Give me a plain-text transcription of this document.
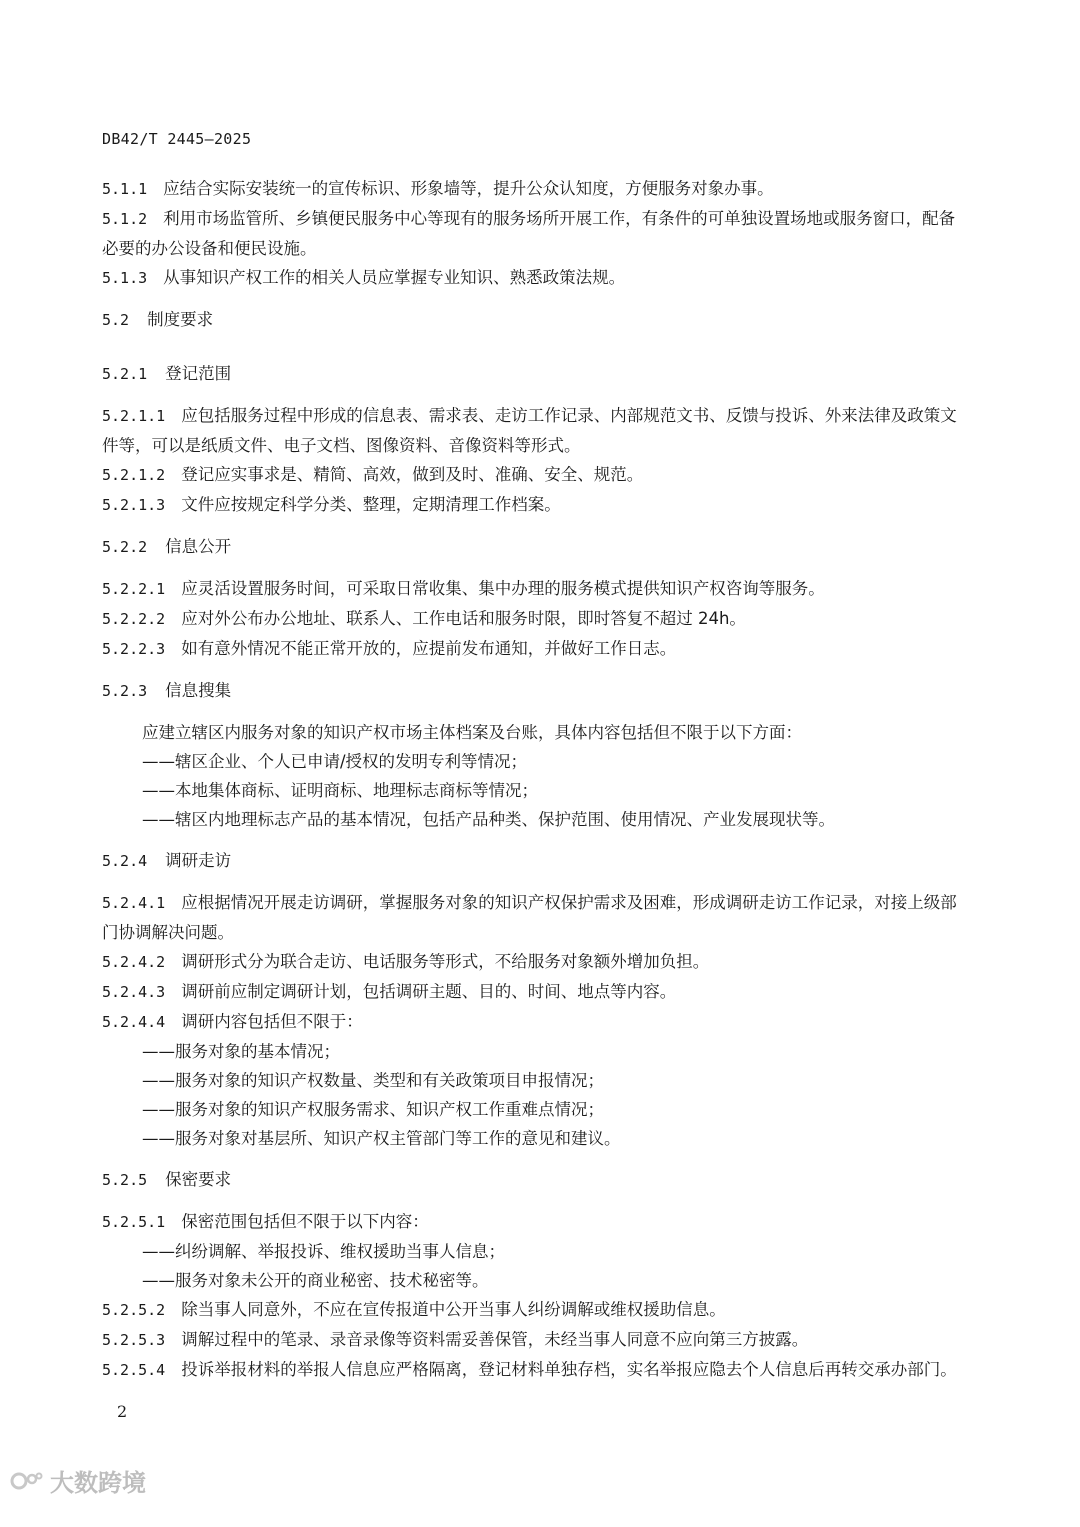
DB42/T 2445—2025

5.1.1 应结合实际安装统一的宣传标识、形象墙等，提升公众认知度，方便服务对象办事。

5.1.2 利用市场监管所、乡镇便民服务中心等现有的服务场所开展工作，有条件的可单独设置场地或服务窗口，配备必要的办公设备和便民设施。

5.1.3 从事知识产权工作的相关人员应掌握专业知识、熟悉政策法规。

5.2 制度要求
5.2.1 登记范围

5.2.1.1 应包括服务过程中形成的信息表、需求表、走访工作记录、内部规范文书、反馈与投诉、外来法律及政策文件等，可以是纸质文件、电子文档、图像资料、音像资料等形式。

5.2.1.2 登记应实事求是、精简、高效，做到及时、准确、安全、规范。

5.2.1.3 文件应按规定科学分类、整理，定期清理工作档案。

5.2.2 信息公开

5.2.2.1 应灵活设置服务时间，可采取日常收集、集中办理的服务模式提供知识产权咨询等服务。

5.2.2.2 应对外公布办公地址、联系人、工作电话和服务时限，即时答复不超过 24h。

5.2.2.3 如有意外情况不能正常开放的，应提前发布通知，并做好工作日志。

5.2.3 信息搜集

应建立辖区内服务对象的知识产权市场主体档案及台账，具体内容包括但不限于以下方面：

——辖区企业、个人已申请/授权的发明专利等情况；

——本地集体商标、证明商标、地理标志商标等情况；

——辖区内地理标志产品的基本情况，包括产品种类、保护范围、使用情况、产业发展现状等。

5.2.4 调研走访

5.2.4.1 应根据情况开展走访调研，掌握服务对象的知识产权保护需求及困难，形成调研走访工作记录，对接上级部门协调解决问题。

5.2.4.2 调研形式分为联合走访、电话服务等形式，不给服务对象额外增加负担。

5.2.4.3 调研前应制定调研计划，包括调研主题、目的、时间、地点等内容。

5.2.4.4 调研内容包括但不限于：

——服务对象的基本情况；

——服务对象的知识产权数量、类型和有关政策项目申报情况；

——服务对象的知识产权服务需求、知识产权工作重难点情况；

——服务对象对基层所、知识产权主管部门等工作的意见和建议。

5.2.5 保密要求

5.2.5.1 保密范围包括但不限于以下内容：

——纠纷调解、举报投诉、维权援助当事人信息；

——服务对象未公开的商业秘密、技术秘密等。

5.2.5.2 除当事人同意外，不应在宣传报道中公开当事人纠纷调解或维权援助信息。

5.2.5.3 调解过程中的笔录、录音录像等资料需妥善保管，未经当事人同意不应向第三方披露。

5.2.5.4 投诉举报材料的举报人信息应严格隔离，登记材料单独存档，实名举报应隐去个人信息后再转交承办部门。

2
大数跨境
